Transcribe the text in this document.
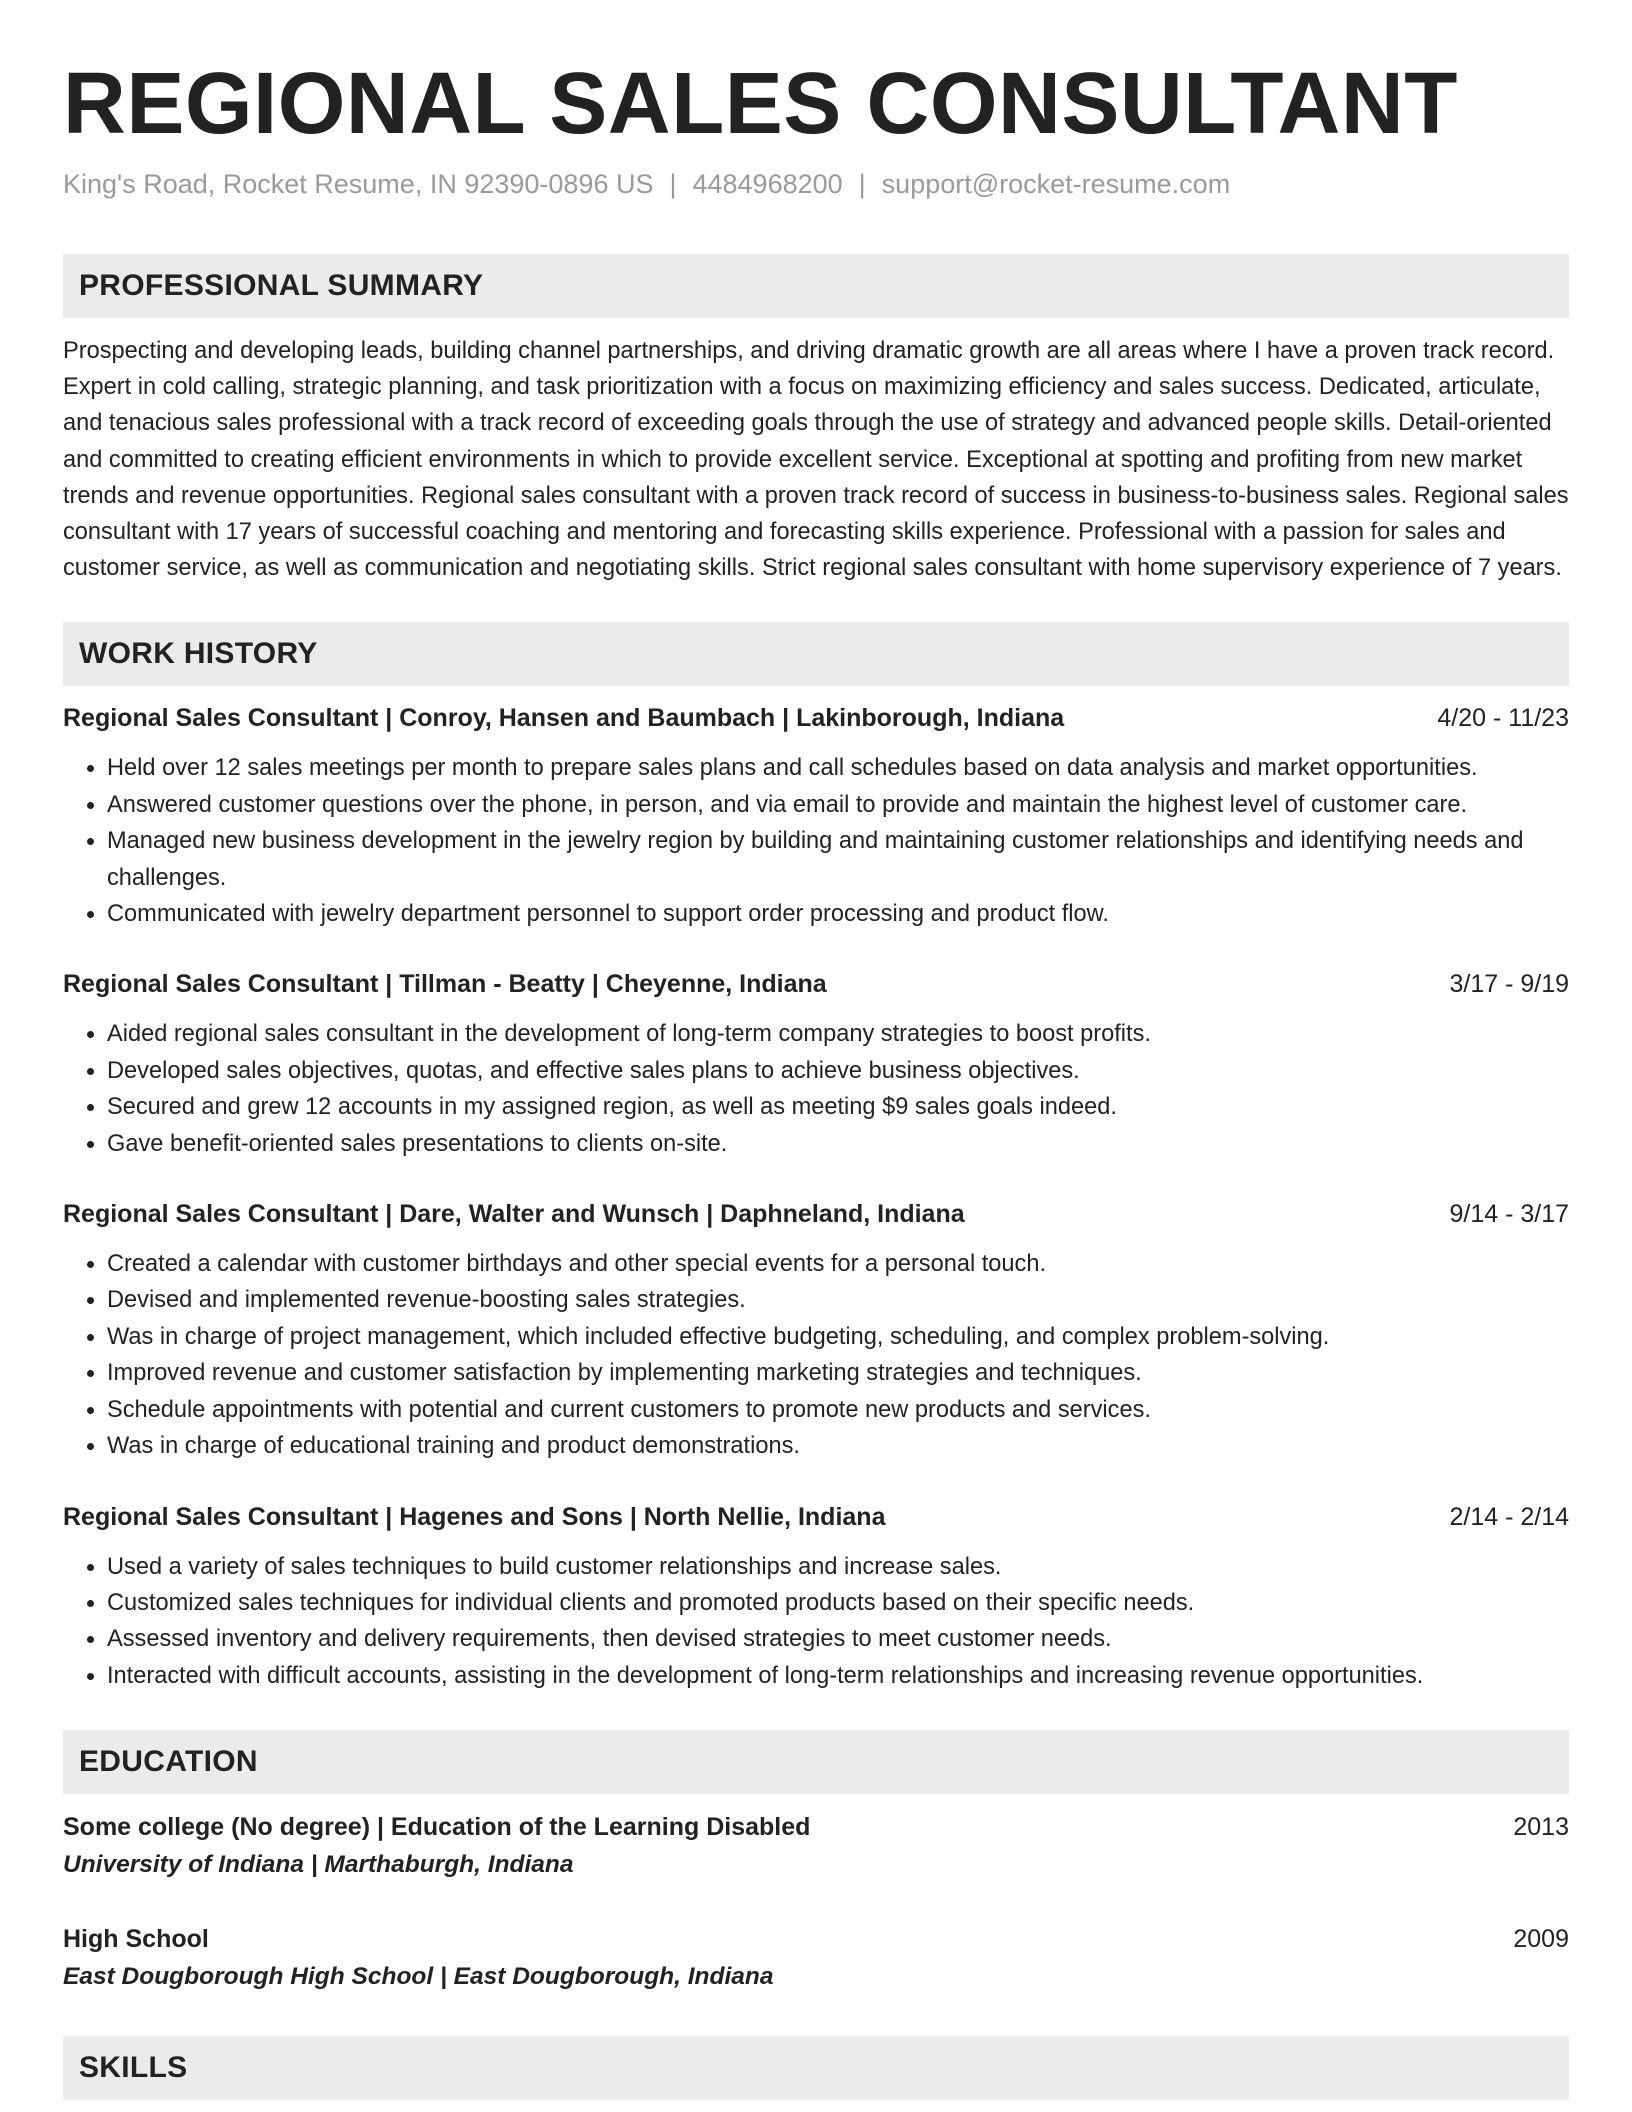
REGIONAL SALES CONSULTANT
King's Road, Rocket Resume, IN 92390-0896 US | 4484968200 | support@rocket-resume.com
PROFESSIONAL SUMMARY
Prospecting and developing leads, building channel partnerships, and driving dramatic growth are all areas where I have a proven track record. Expert in cold calling, strategic planning, and task prioritization with a focus on maximizing efficiency and sales success. Dedicated, articulate, and tenacious sales professional with a track record of exceeding goals through the use of strategy and advanced people skills. Detail-oriented and committed to creating efficient environments in which to provide excellent service. Exceptional at spotting and profiting from new market trends and revenue opportunities. Regional sales consultant with a proven track record of success in business-to-business sales. Regional sales consultant with 17 years of successful coaching and mentoring and forecasting skills experience. Professional with a passion for sales and customer service, as well as communication and negotiating skills. Strict regional sales consultant with home supervisory experience of 7 years.
WORK HISTORY
Regional Sales Consultant | Conroy, Hansen and Baumbach | Lakinborough, Indiana	4/20 - 11/23
• Held over 12 sales meetings per month to prepare sales plans and call schedules based on data analysis and market opportunities.
• Answered customer questions over the phone, in person, and via email to provide and maintain the highest level of customer care.
• Managed new business development in the jewelry region by building and maintaining customer relationships and identifying needs and challenges.
• Communicated with jewelry department personnel to support order processing and product flow.
Regional Sales Consultant | Tillman - Beatty | Cheyenne, Indiana	3/17 - 9/19
• Aided regional sales consultant in the development of long-term company strategies to boost profits.
• Developed sales objectives, quotas, and effective sales plans to achieve business objectives.
• Secured and grew 12 accounts in my assigned region, as well as meeting $9 sales goals indeed.
• Gave benefit-oriented sales presentations to clients on-site.
Regional Sales Consultant | Dare, Walter and Wunsch | Daphneland, Indiana	9/14 - 3/17
• Created a calendar with customer birthdays and other special events for a personal touch.
• Devised and implemented revenue-boosting sales strategies.
• Was in charge of project management, which included effective budgeting, scheduling, and complex problem-solving.
• Improved revenue and customer satisfaction by implementing marketing strategies and techniques.
• Schedule appointments with potential and current customers to promote new products and services.
• Was in charge of educational training and product demonstrations.
Regional Sales Consultant | Hagenes and Sons | North Nellie, Indiana	2/14 - 2/14
• Used a variety of sales techniques to build customer relationships and increase sales.
• Customized sales techniques for individual clients and promoted products based on their specific needs.
• Assessed inventory and delivery requirements, then devised strategies to meet customer needs.
• Interacted with difficult accounts, assisting in the development of long-term relationships and increasing revenue opportunities.
EDUCATION
Some college (No degree) | Education of the Learning Disabled	2013
University of Indiana | Marthaburgh, Indiana
High School	2009
East Dougborough High School | East Dougborough, Indiana
SKILLS
